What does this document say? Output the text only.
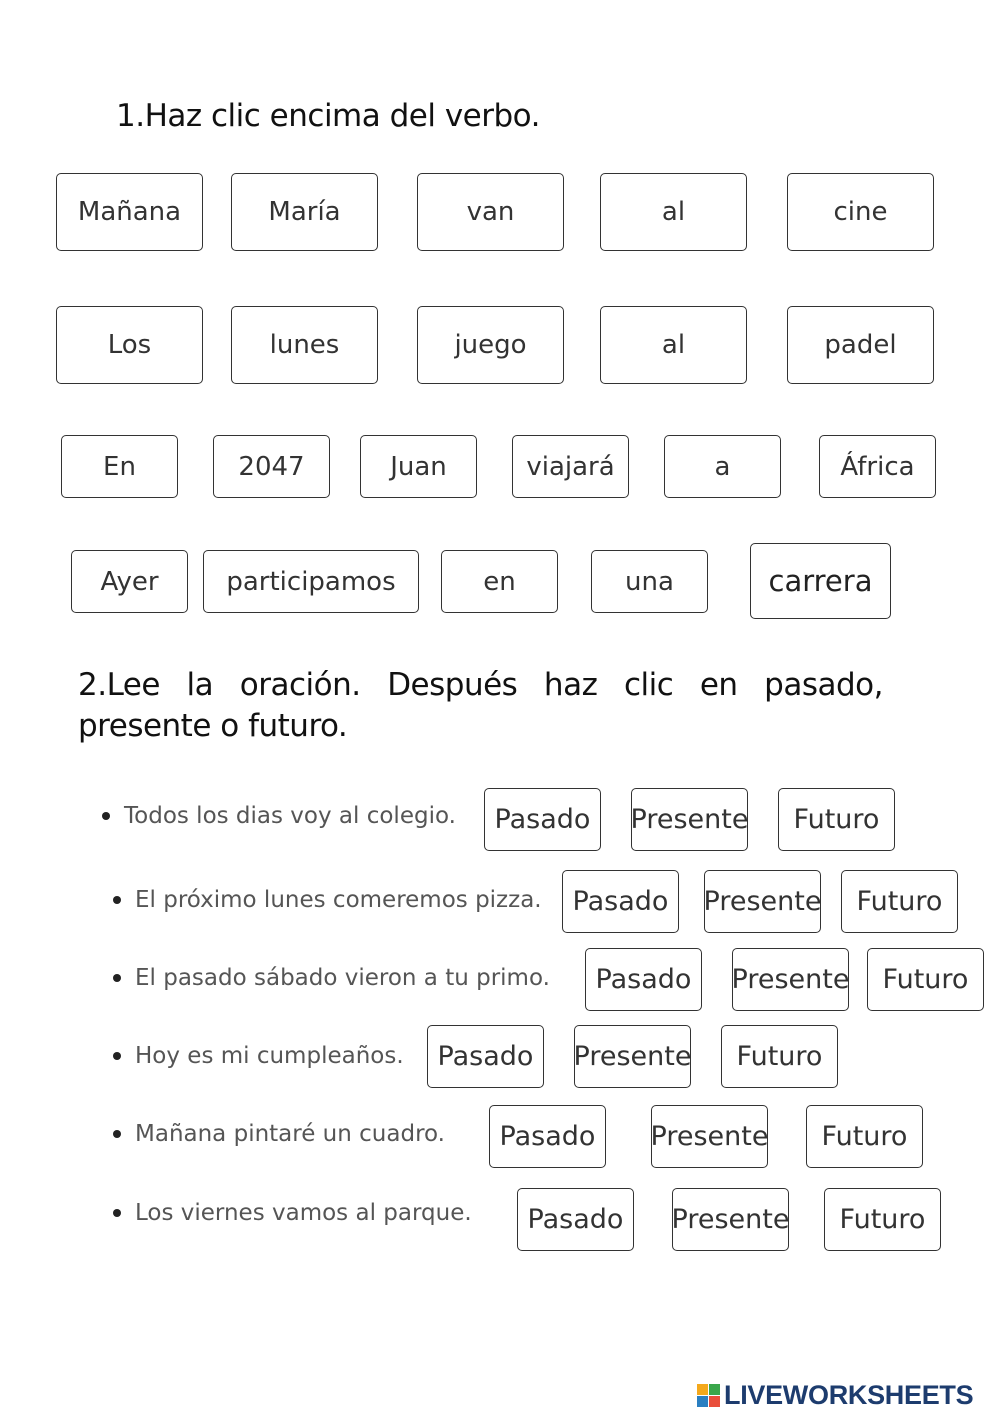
1.Haz clic encima del verbo.
Mañana	María	van	al	cine
Los	lunes	juego	al	padel
En	2047	Juan	viajará	a	África
Ayer	participamos	en	una	carrera
2.Lee la oración. Después haz clic en pasado,
presente o futuro.
Todos los dias voy al colegio.	Pasado	Presente	Futuro
El próximo lunes comeremos pizza.	Pasado	Presente	Futuro
El pasado sábado vieron a tu primo.	Pasado	Presente	Futuro
Hoy es mi cumpleaños.	Pasado	Presente	Futuro
Mañana pintaré un cuadro.	Pasado	Presente	Futuro
Los viernes vamos al parque.	Pasado	Presente	Futuro
LIVEWORKSHEETS
